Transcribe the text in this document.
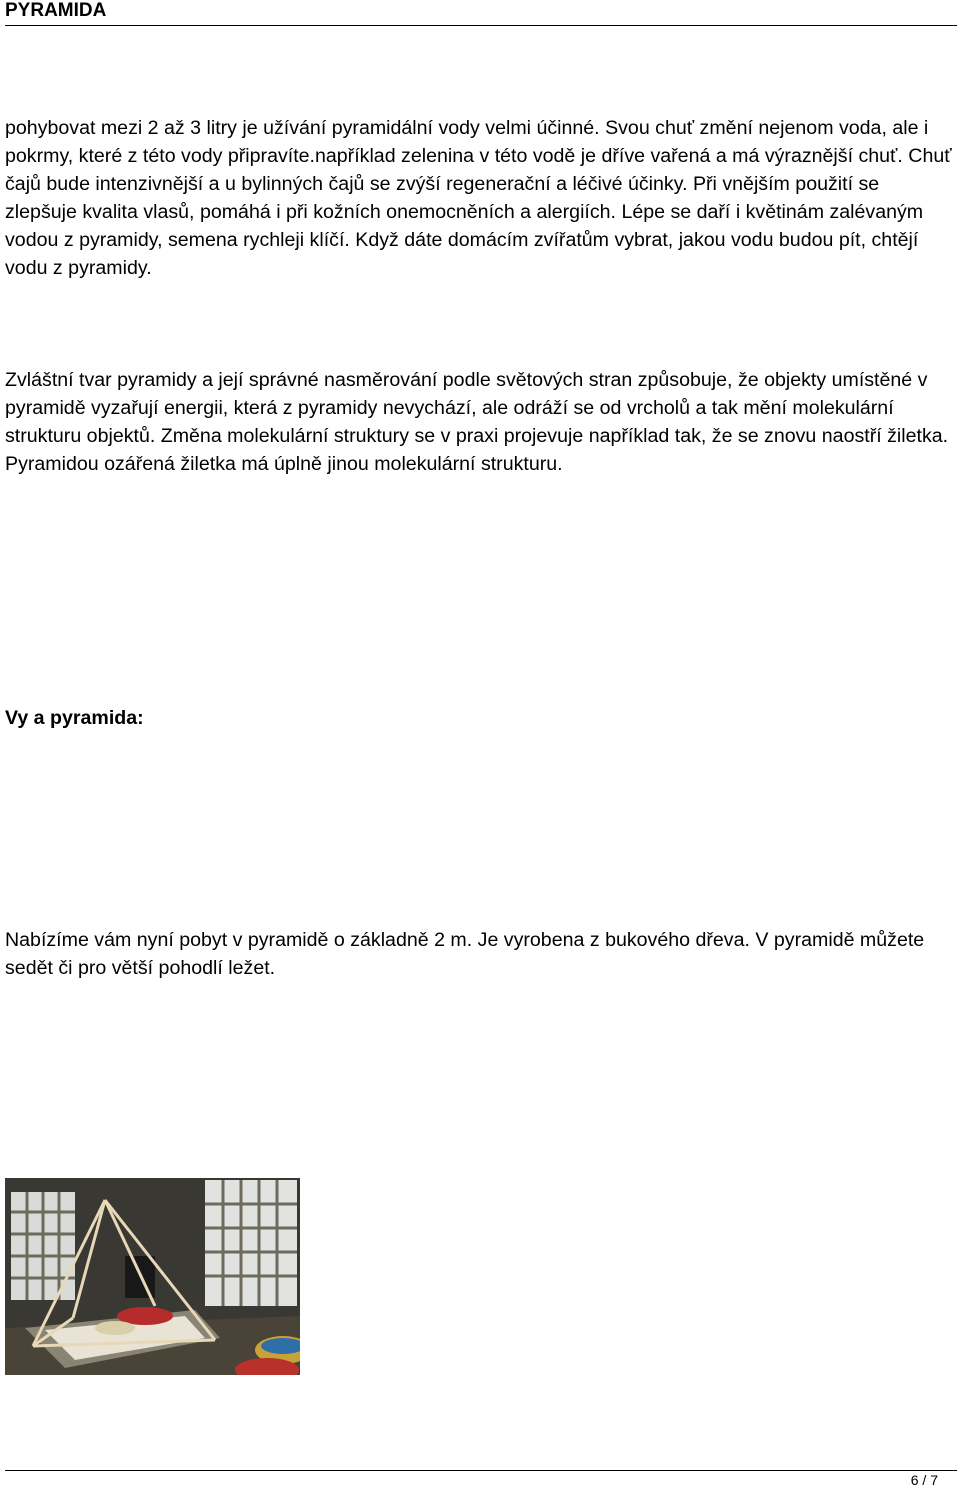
PYRAMIDA

pohybovat mezi 2 až 3 litry je užívání pyramidální vody velmi účinné. Svou chuť změní nejenom voda, ale i pokrmy, které z této vody připravíte.například zelenina v této vodě je dříve vařená a má výraznější chuť. Chuť čajů bude intenzivnější a u bylinných čajů se zvýší regenerační a léčivé účinky. Při vnějším použití se zlepšuje kvalita vlasů, pomáhá i při kožních onemocněních a alergiích. Lépe se daří i květinám zalévaným vodou z pyramidy, semena rychleji klíčí. Když dáte domácím zvířatům vybrat, jakou vodu budou pít, chtějí vodu z pyramidy.

Zvláštní tvar pyramidy a její správné nasměrování podle světových stran způsobuje, že objekty umístěné v pyramidě vyzařují energii, která z pyramidy nevychází, ale odráží se od vrcholů a tak mění molekulární strukturu objektů. Změna molekulární struktury se v praxi projevuje například tak, že se znovu naostří žiletka. Pyramidou ozářená žiletka má úplně jinou molekulární strukturu.

Vy a pyramida:

Nabízíme vám nyní pobyt v pyramidě o základně 2 m. Je vyrobena z bukového dřeva. V pyramidě můžete sedět či pro větší pohodlí ležet.

6 / 7
